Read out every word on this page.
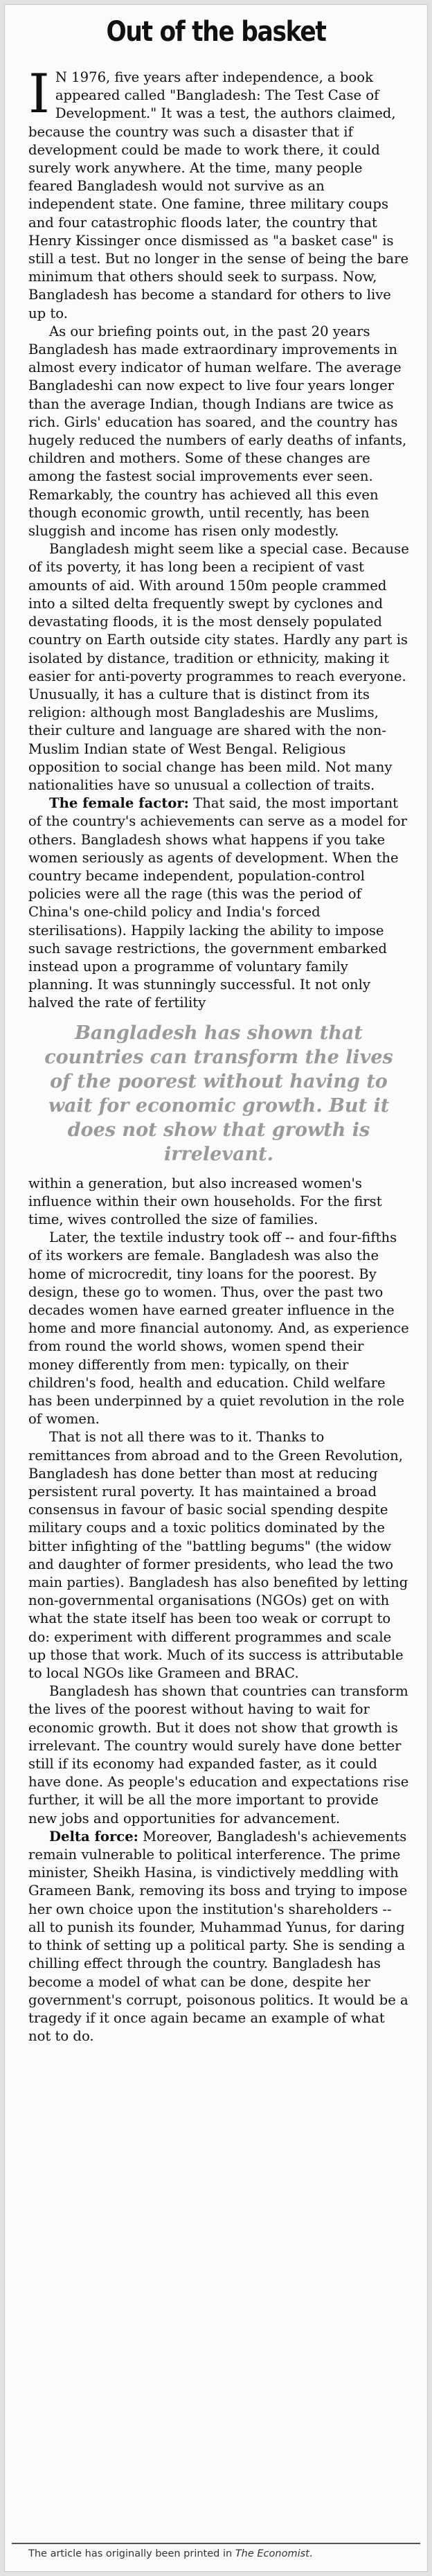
Out of the basket

I N 1976, five years after independence, a book appeared called "Bangladesh: The Test Case of Development." It was a test, the authors claimed, because the country was such a disaster that if development could be made to work there, it could surely work anywhere. At the time, many people feared Bangladesh would not survive as an independent state. One famine, three military coups and four catastrophic floods later, the country that Henry Kissinger once dismissed as "a basket case" is still a test. But no longer in the sense of being the bare minimum that others should seek to surpass. Now, Bangladesh has become a standard for others to live up to.

As our briefing points out, in the past 20 years Bangladesh has made extraordinary improvements in almost every indicator of human welfare. The average Bangladeshi can now expect to live four years longer than the average Indian, though Indians are twice as rich. Girls' education has soared, and the country has hugely reduced the numbers of early deaths of infants, children and mothers. Some of these changes are among the fastest social improvements ever seen. Remarkably, the country has achieved all this even though economic growth, until recently, has been sluggish and income has risen only modestly.

Bangladesh might seem like a special case. Because of its poverty, it has long been a recipient of vast amounts of aid. With around 150m people crammed into a silted delta frequently swept by cyclones and devastating floods, it is the most densely populated country on Earth outside city states. Hardly any part is isolated by distance, tradition or ethnicity, making it easier for anti-poverty programmes to reach everyone. Unusually, it has a culture that is distinct from its religion: although most Bangladeshis are Muslims, their culture and language are shared with the non-Muslim Indian state of West Bengal. Religious opposition to social change has been mild. Not many nationalities have so unusual a collection of traits.

The female factor: That said, the most important of the country's achievements can serve as a model for others. Bangladesh shows what happens if you take women seriously as agents of development. When the country became independent, population-control policies were all the rage (this was the period of China's one-child policy and India's forced sterilisations). Happily lacking the ability to impose such savage restrictions, the government embarked instead upon a programme of voluntary family planning. It was stunningly successful. It not only halved the rate of fertility

Bangladesh has shown that countries can transform the lives of the poorest without having to wait for economic growth. But it does not show that growth is irrelevant.

within a generation, but also increased women's influence within their own households. For the first time, wives controlled the size of families.

Later, the textile industry took off -- and four-fifths of its workers are female. Bangladesh was also the home of microcredit, tiny loans for the poorest. By design, these go to women. Thus, over the past two decades women have earned greater influence in the home and more financial autonomy. And, as experience from round the world shows, women spend their money differently from men: typically, on their children's food, health and education. Child welfare has been underpinned by a quiet revolution in the role of women.

That is not all there was to it. Thanks to remittances from abroad and to the Green Revolution, Bangladesh has done better than most at reducing persistent rural poverty. It has maintained a broad consensus in favour of basic social spending despite military coups and a toxic politics dominated by the bitter infighting of the "battling begums" (the widow and daughter of former presidents, who lead the two main parties). Bangladesh has also benefited by letting non-governmental organisations (NGOs) get on with what the state itself has been too weak or corrupt to do: experiment with different programmes and scale up those that work. Much of its success is attributable to local NGOs like Grameen and BRAC.

Bangladesh has shown that countries can transform the lives of the poorest without having to wait for economic growth. But it does not show that growth is irrelevant. The country would surely have done better still if its economy had expanded faster, as it could have done. As people's education and expectations rise further, it will be all the more important to provide new jobs and opportunities for advancement.

Delta force: Moreover, Bangladesh's achievements remain vulnerable to political interference. The prime minister, Sheikh Hasina, is vindictively meddling with Grameen Bank, removing its boss and trying to impose her own choice upon the institution's shareholders -- all to punish its founder, Muhammad Yunus, for daring to think of setting up a political party. She is sending a chilling effect through the country. Bangladesh has become a model of what can be done, despite her government's corrupt, poisonous politics. It would be a tragedy if it once again became an example of what not to do.

The article has originally been printed in The Economist.
